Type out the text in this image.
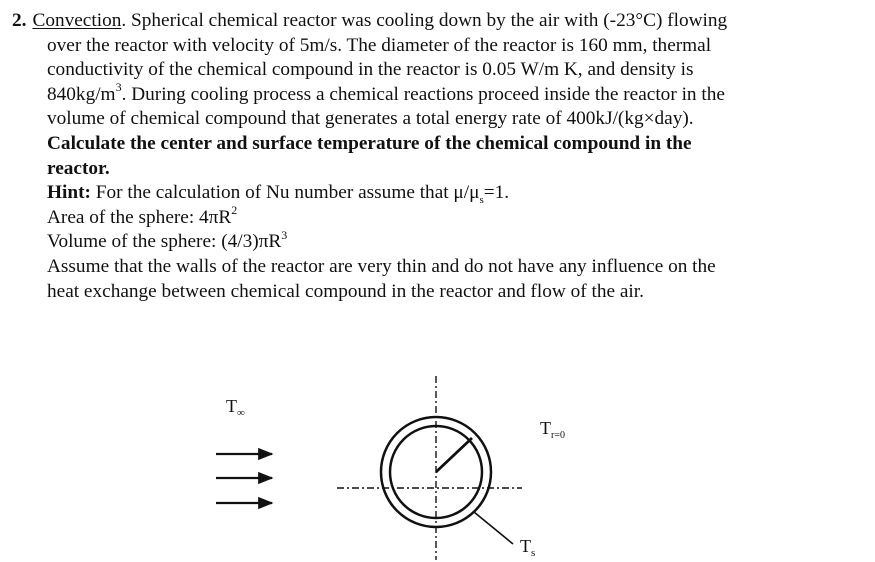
2. Convection. Spherical chemical reactor was cooling down by the air with (-23°C) flowing
over the reactor with velocity of 5m/s. The diameter of the reactor is 160 mm, thermal
conductivity of the chemical compound in the reactor is 0.05 W/m K, and density is
$840kg/m^3$. During cooling process a chemical reactions proceed inside the reactor in the
volume of chemical compound that generates a total energy rate of 400kJ/(kg×day).
Calculate the center and surface temperature of the chemical compound in the
reactor.
Hint: For the calculation of Nu number assume that $\mu/\mu_s=1$.
Area of the sphere: $4\pi R^2$
Volume of the sphere: $(4/3)\pi R^3$
Assume that the walls of the reactor are very thin and do not have any influence on the
heat exchange between chemical compound in the reactor and flow of the air.
$T_\infty$
$T_{r=0}$
$T_s$
